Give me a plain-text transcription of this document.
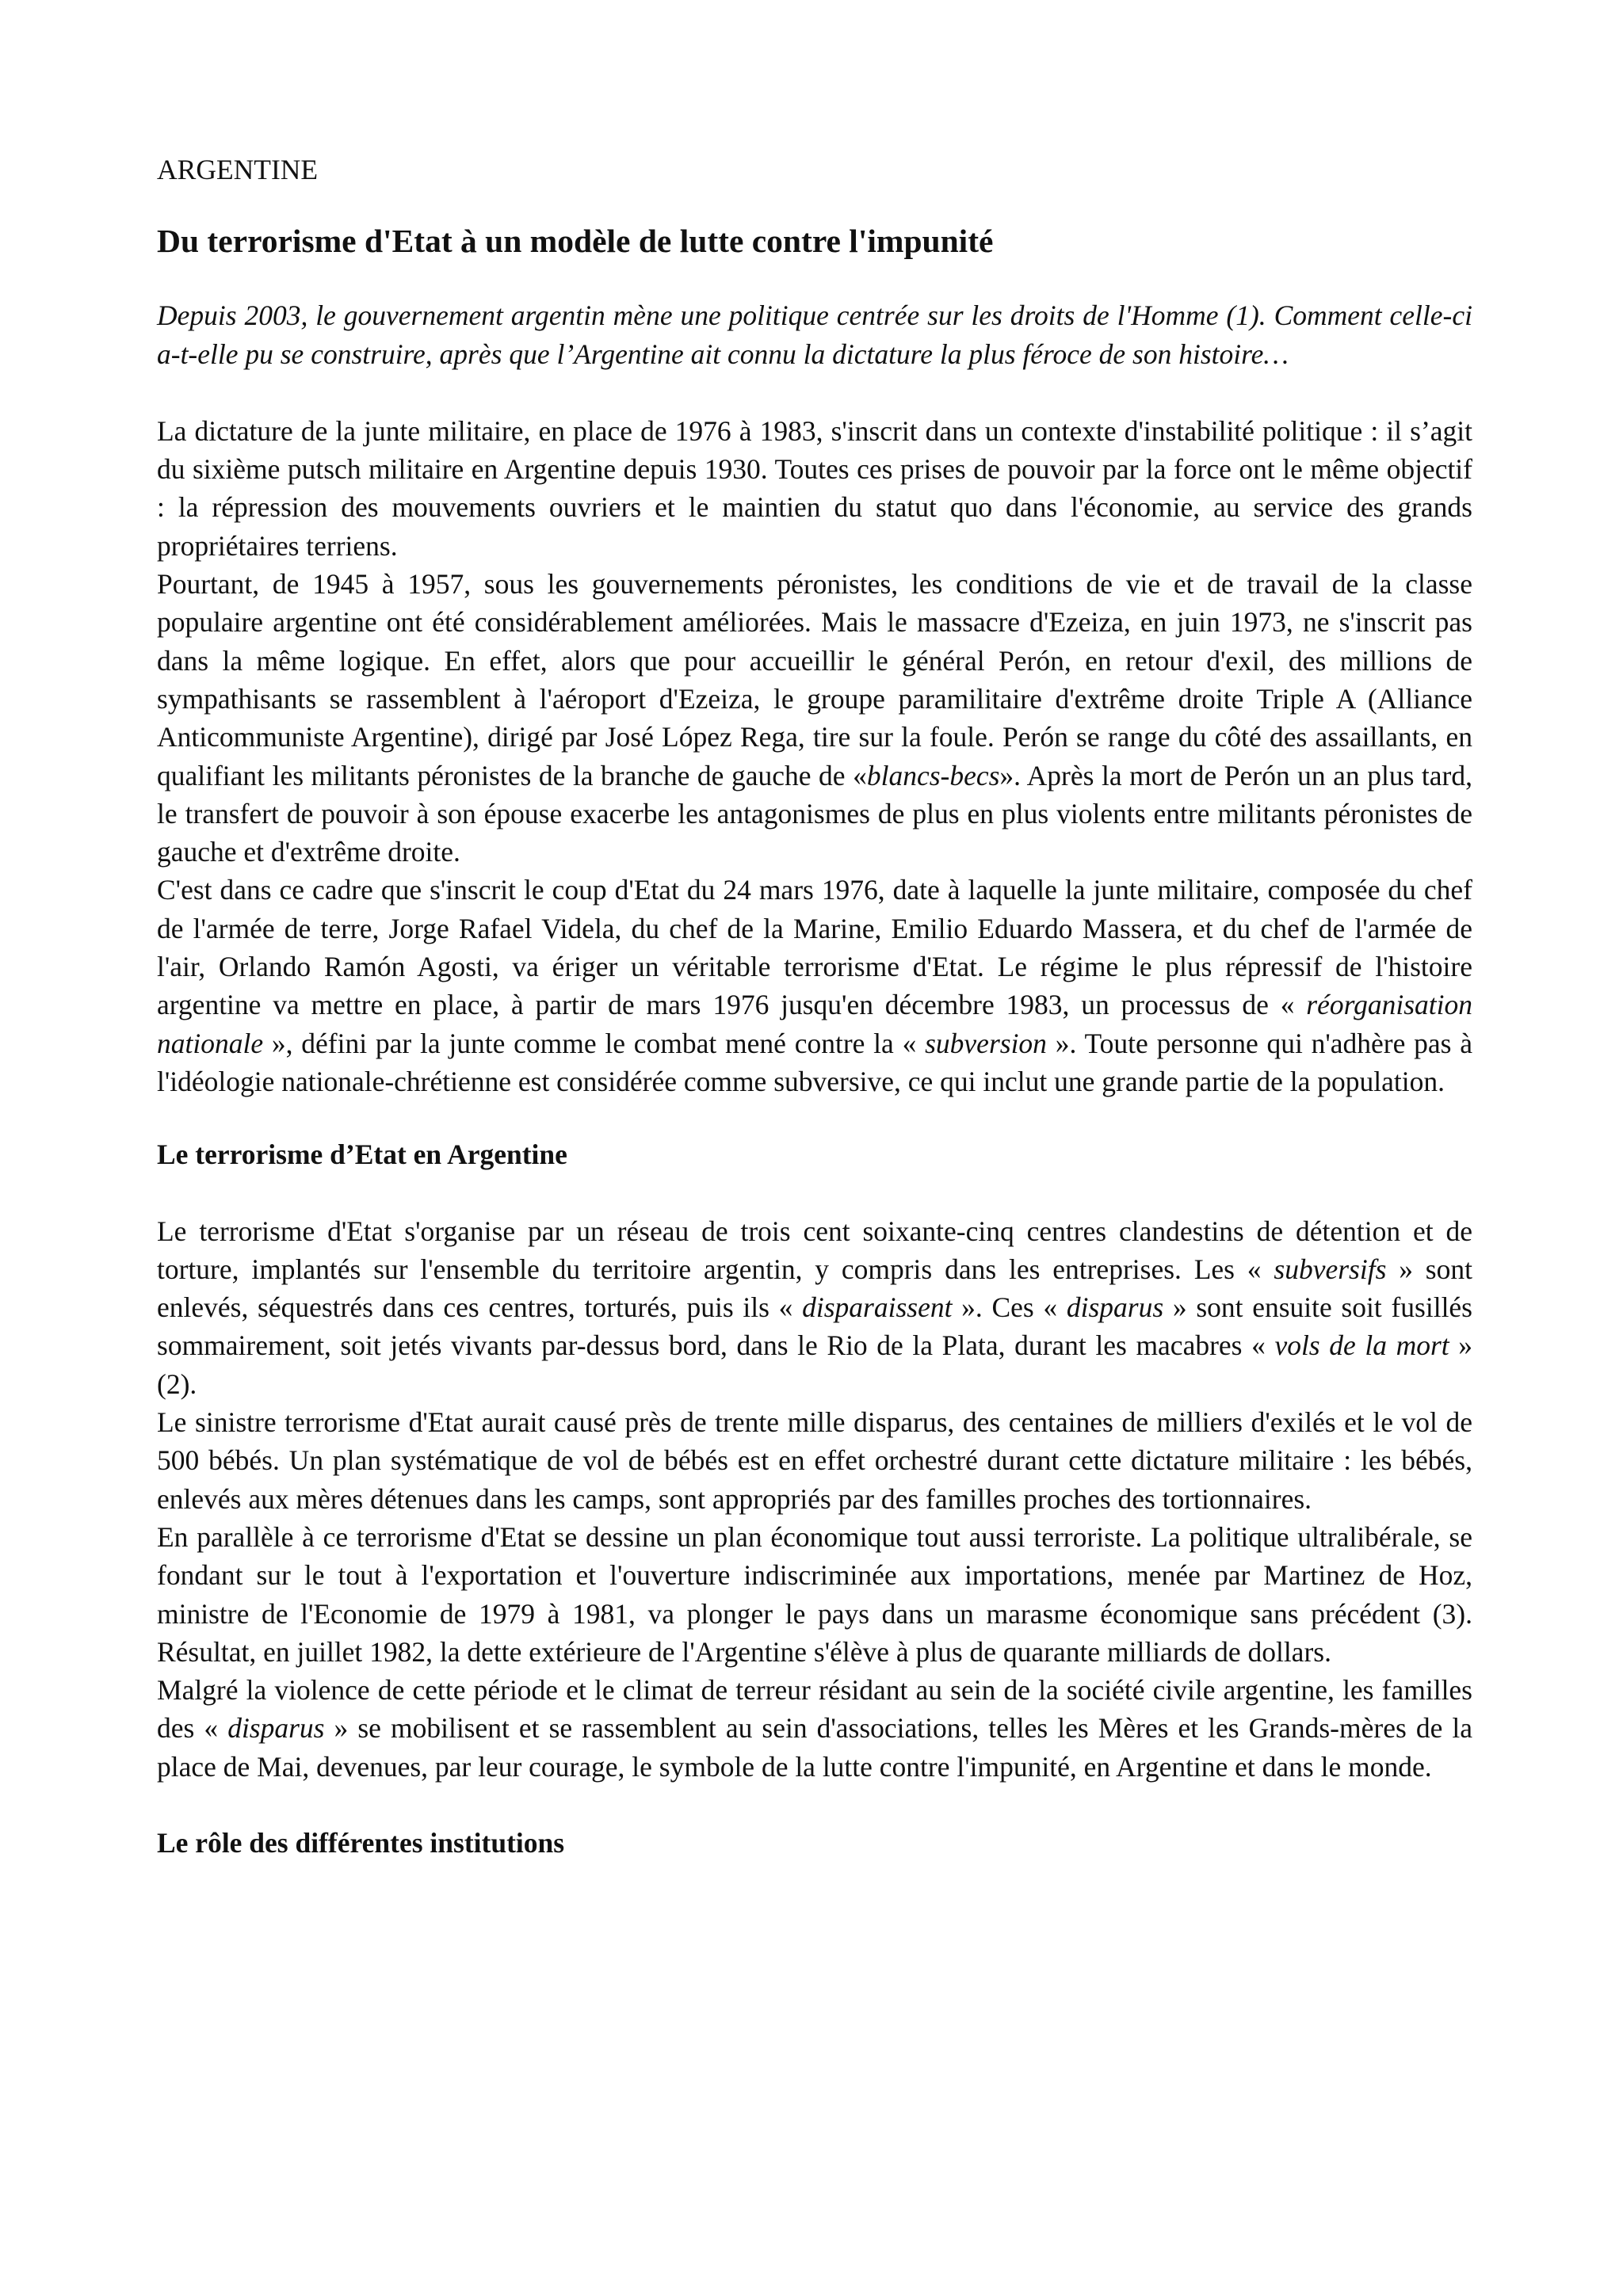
ARGENTINE
Du terrorisme d'Etat à un modèle de lutte contre l'impunité

Depuis 2003, le gouvernement argentin mène une politique centrée sur les droits de l'Homme (1). Comment celle-ci a-t-elle pu se construire, après que l’Argentine ait connu la dictature la plus féroce de son histoire…

La dictature de la junte militaire, en place de 1976 à 1983, s'inscrit dans un contexte d'instabilité politique : il s’agit du sixième putsch militaire en Argentine depuis 1930. Toutes ces prises de pouvoir par la force ont le même objectif : la répression des mouvements ouvriers et le maintien du statut quo dans l'économie, au service des grands propriétaires terriens.

Pourtant, de 1945 à 1957, sous les gouvernements péronistes, les conditions de vie et de travail de la classe populaire argentine ont été considérablement améliorées. Mais le massacre d'Ezeiza, en juin 1973, ne s'inscrit pas dans la même logique. En effet, alors que pour accueillir le général Perón, en retour d'exil, des millions de sympathisants se rassemblent à l'aéroport d'Ezeiza, le groupe paramilitaire d'extrême droite Triple A (Alliance Anticommuniste Argentine), dirigé par José López Rega, tire sur la foule. Perón se range du côté des assaillants, en qualifiant les militants péronistes de la branche de gauche de «blancs-becs». Après la mort de Perón un an plus tard, le transfert de pouvoir à son épouse exacerbe les antagonismes de plus en plus violents entre militants péronistes de gauche et d'extrême droite.

C'est dans ce cadre que s'inscrit le coup d'Etat du 24 mars 1976, date à laquelle la junte militaire, composée du chef de l'armée de terre, Jorge Rafael Videla, du chef de la Marine, Emilio Eduardo Massera, et du chef de l'armée de l'air, Orlando Ramón Agosti, va ériger un véritable terrorisme d'Etat. Le régime le plus répressif de l'histoire argentine va mettre en place, à partir de mars 1976 jusqu'en décembre 1983, un processus de « réorganisation nationale », défini par la junte comme le combat mené contre la « subversion ». Toute personne qui n'adhère pas à l'idéologie nationale-chrétienne est considérée comme subversive, ce qui inclut une grande partie de la population.

Le terrorisme d’Etat en Argentine

Le terrorisme d'Etat s'organise par un réseau de trois cent soixante-cinq centres clandestins de détention et de torture, implantés sur l'ensemble du territoire argentin, y compris dans les entreprises. Les « subversifs » sont enlevés, séquestrés dans ces centres, torturés, puis ils « disparaissent ». Ces « disparus » sont ensuite soit fusillés sommairement, soit jetés vivants par-dessus bord, dans le Rio de la Plata, durant les macabres « vols de la mort » (2).

Le sinistre terrorisme d'Etat aurait causé près de trente mille disparus, des centaines de milliers d'exilés et le vol de 500 bébés. Un plan systématique de vol de bébés est en effet orchestré durant cette dictature militaire : les bébés, enlevés aux mères détenues dans les camps, sont appropriés par des familles proches des tortionnaires.

En parallèle à ce terrorisme d'Etat se dessine un plan économique tout aussi terroriste. La politique ultralibérale, se fondant sur le tout à l'exportation et l'ouverture indiscriminée aux importations, menée par Martinez de Hoz, ministre de l'Economie de 1979 à 1981, va plonger le pays dans un marasme économique sans précédent (3). Résultat, en juillet 1982, la dette extérieure de l'Argentine s'élève à plus de quarante milliards de dollars.

Malgré la violence de cette période et le climat de terreur résidant au sein de la société civile argentine, les familles des « disparus » se mobilisent et se rassemblent au sein d'associations, telles les Mères et les Grands-mères de la place de Mai, devenues, par leur courage, le symbole de la lutte contre l'impunité, en Argentine et dans le monde.

Le rôle des différentes institutions
